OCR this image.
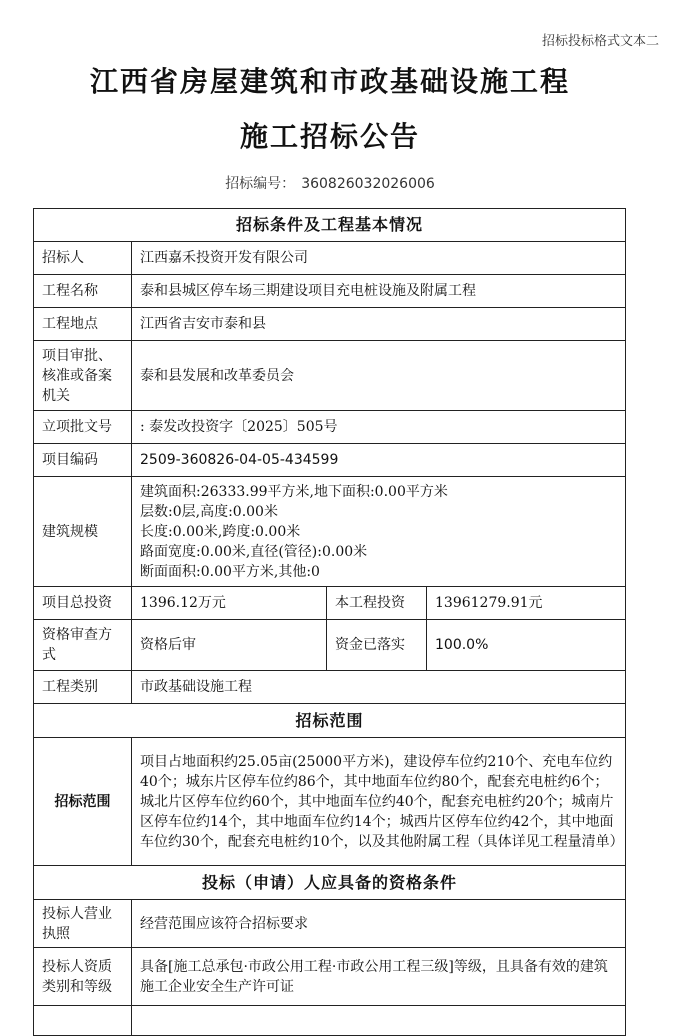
招标投标格式文本二
江西省房屋建筑和市政基础设施工程
施工招标公告
招标编号： 360826032026006
招标条件及工程基本情况			
招标人	江西嘉禾投资开发有限公司		
工程名称	泰和县城区停车场三期建设项目充电桩设施及附属工程		
工程地点	江西省吉安市泰和县		
项目审批、核准或备案机关	泰和县发展和改革委员会		
立项批文号	: 泰发改投资字〔2025〕505号		
项目编码	2509-360826-04-05-434599		
建筑规模	建筑面积:26333.99平方米,地下面积:0.00平方米
层数:0层,高度:0.00米
长度:0.00米,跨度:0.00米
路面宽度:0.00米,直径(管径):0.00米
断面面积:0.00平方米,其他:0		

项目总投资	1396.12万元	本工程投资	13961279.91元
资格审查方式	资格后审	资金已落实	100.0%
工程类别	市政基础设施工程		
招标范围			
招标范围	项目占地面积约25.05亩(25000平方米)，建设停车位约210个、充电车位约40个；城东片区停车位约86个，其中地面车位约80个，配套充电桩约6个；城北片区停车位约60个，其中地面车位约40个，配套充电桩约20个；城南片区停车位约14个，其中地面车位约14个；城西片区停车位约42个，其中地面车位约30个，配套充电桩约10个，以及其他附属工程（具体详见工程量清单）		
投标（申请）人应具备的资格条件			
投标人营业执照	经营范围应该符合招标要求		
投标人资质类别和等级	具备[施工总承包·市政公用工程·市政公用工程三级]等级，且具备有效的建筑施工企业安全生产许可证		
